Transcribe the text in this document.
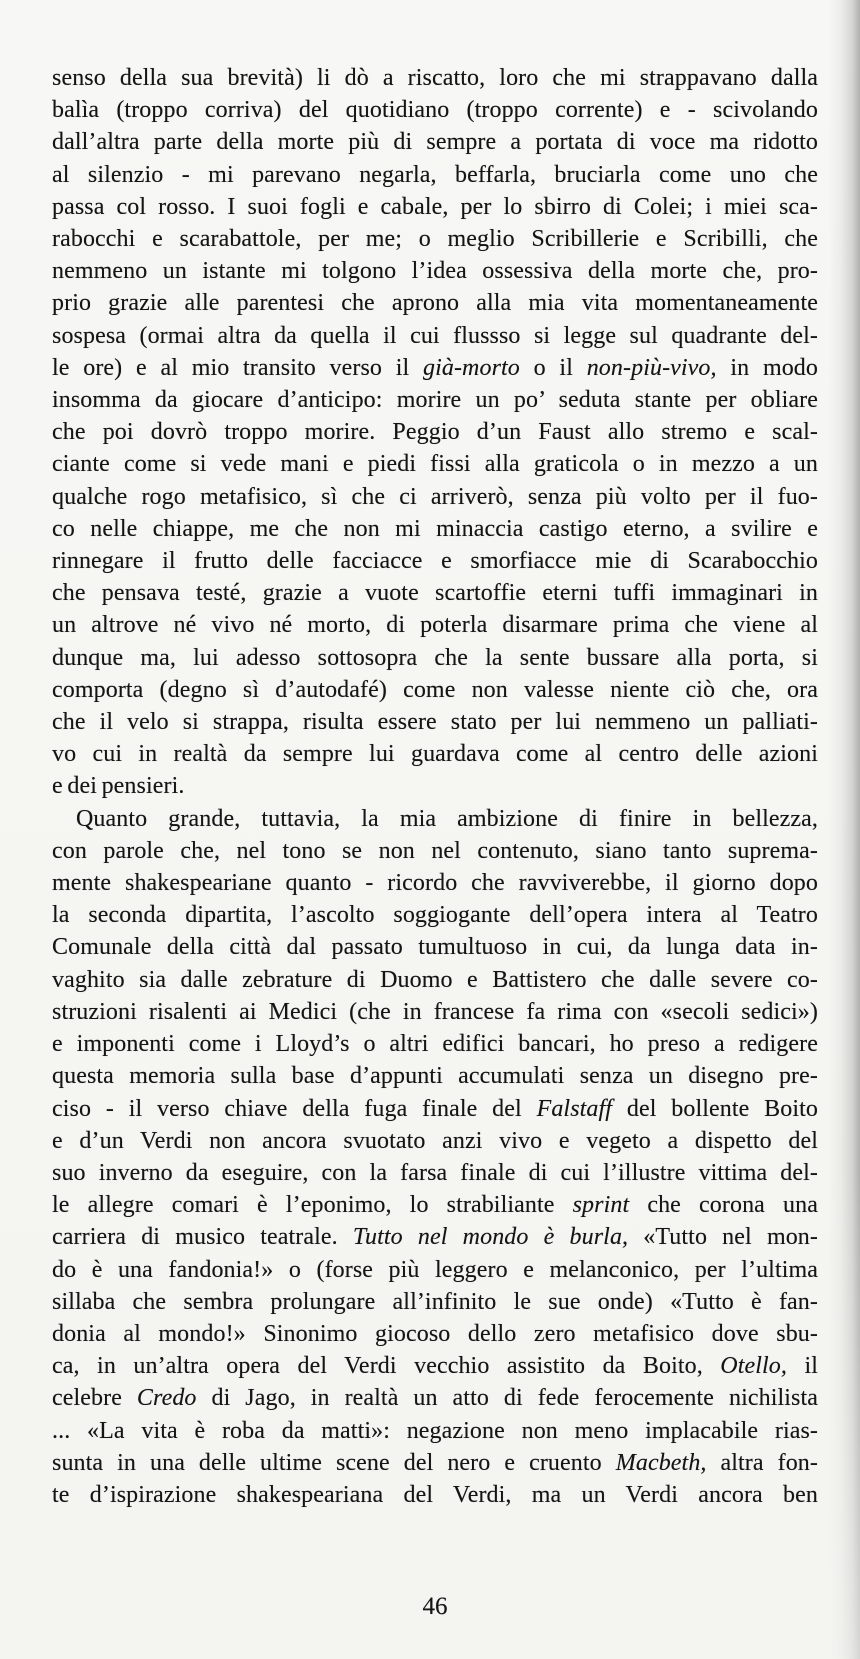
senso della sua brevità) li dò a riscatto, loro che mi strappavano dalla
balìa (troppo corriva) del quotidiano (troppo corrente) e - scivolando
dall’altra parte della morte più di sempre a portata di voce ma ridotto
al silenzio - mi parevano negarla, beffarla, bruciarla come uno che
passa col rosso. I suoi fogli e cabale, per lo sbirro di Colei; i miei sca-
rabocchi e scarabattole, per me; o meglio Scribillerie e Scribilli, che
nemmeno un istante mi tolgono l’idea ossessiva della morte che, pro-
prio grazie alle parentesi che aprono alla mia vita momentaneamente
sospesa (ormai altra da quella il cui flussso si legge sul quadrante del-
le ore) e al mio transito verso il già-morto o il non-più-vivo, in modo
insomma da giocare d’anticipo: morire un po’ seduta stante per obliare
che poi dovrò troppo morire. Peggio d’un Faust allo stremo e scal-
ciante come si vede mani e piedi fissi alla graticola o in mezzo a un
qualche rogo metafisico, sì che ci arriverò, senza più volto per il fuo-
co nelle chiappe, me che non mi minaccia castigo eterno, a svilire e
rinnegare il frutto delle facciacce e smorfiacce mie di Scarabocchio
che pensava testé, grazie a vuote scartoffie eterni tuffi immaginari in
un altrove né vivo né morto, di poterla disarmare prima che viene al
dunque ma, lui adesso sottosopra che la sente bussare alla porta, si
comporta (degno sì d’autodafé) come non valesse niente ciò che, ora
che il velo si strappa, risulta essere stato per lui nemmeno un palliati-
vo cui in realtà da sempre lui guardava come al centro delle azioni
e dei pensieri.
Quanto grande, tuttavia, la mia ambizione di finire in bellezza,
con parole che, nel tono se non nel contenuto, siano tanto suprema-
mente shakespeariane quanto - ricordo che ravviverebbe, il giorno dopo
la seconda dipartita, l’ascolto soggiogante dell’opera intera al Teatro
Comunale della città dal passato tumultuoso in cui, da lunga data in-
vaghito sia dalle zebrature di Duomo e Battistero che dalle severe co-
struzioni risalenti ai Medici (che in francese fa rima con «secoli sedici»)
e imponenti come i Lloyd’s o altri edifici bancari, ho preso a redigere
questa memoria sulla base d’appunti accumulati senza un disegno pre-
ciso - il verso chiave della fuga finale del Falstaff del bollente Boito
e d’un Verdi non ancora svuotato anzi vivo e vegeto a dispetto del
suo inverno da eseguire, con la farsa finale di cui l’illustre vittima del-
le allegre comari è l’eponimo, lo strabiliante sprint che corona una
carriera di musico teatrale. Tutto nel mondo è burla, «Tutto nel mon-
do è una fandonia!» o (forse più leggero e melanconico, per l’ultima
sillaba che sembra prolungare all’infinito le sue onde) «Tutto è fan-
donia al mondo!» Sinonimo giocoso dello zero metafisico dove sbu-
ca, in un’altra opera del Verdi vecchio assistito da Boito, Otello, il
celebre Credo di Jago, in realtà un atto di fede ferocemente nichilista
... «La vita è roba da matti»: negazione non meno implacabile rias-
sunta in una delle ultime scene del nero e cruento Macbeth, altra fon-
te d’ispirazione shakespeariana del Verdi, ma un Verdi ancora ben
46
